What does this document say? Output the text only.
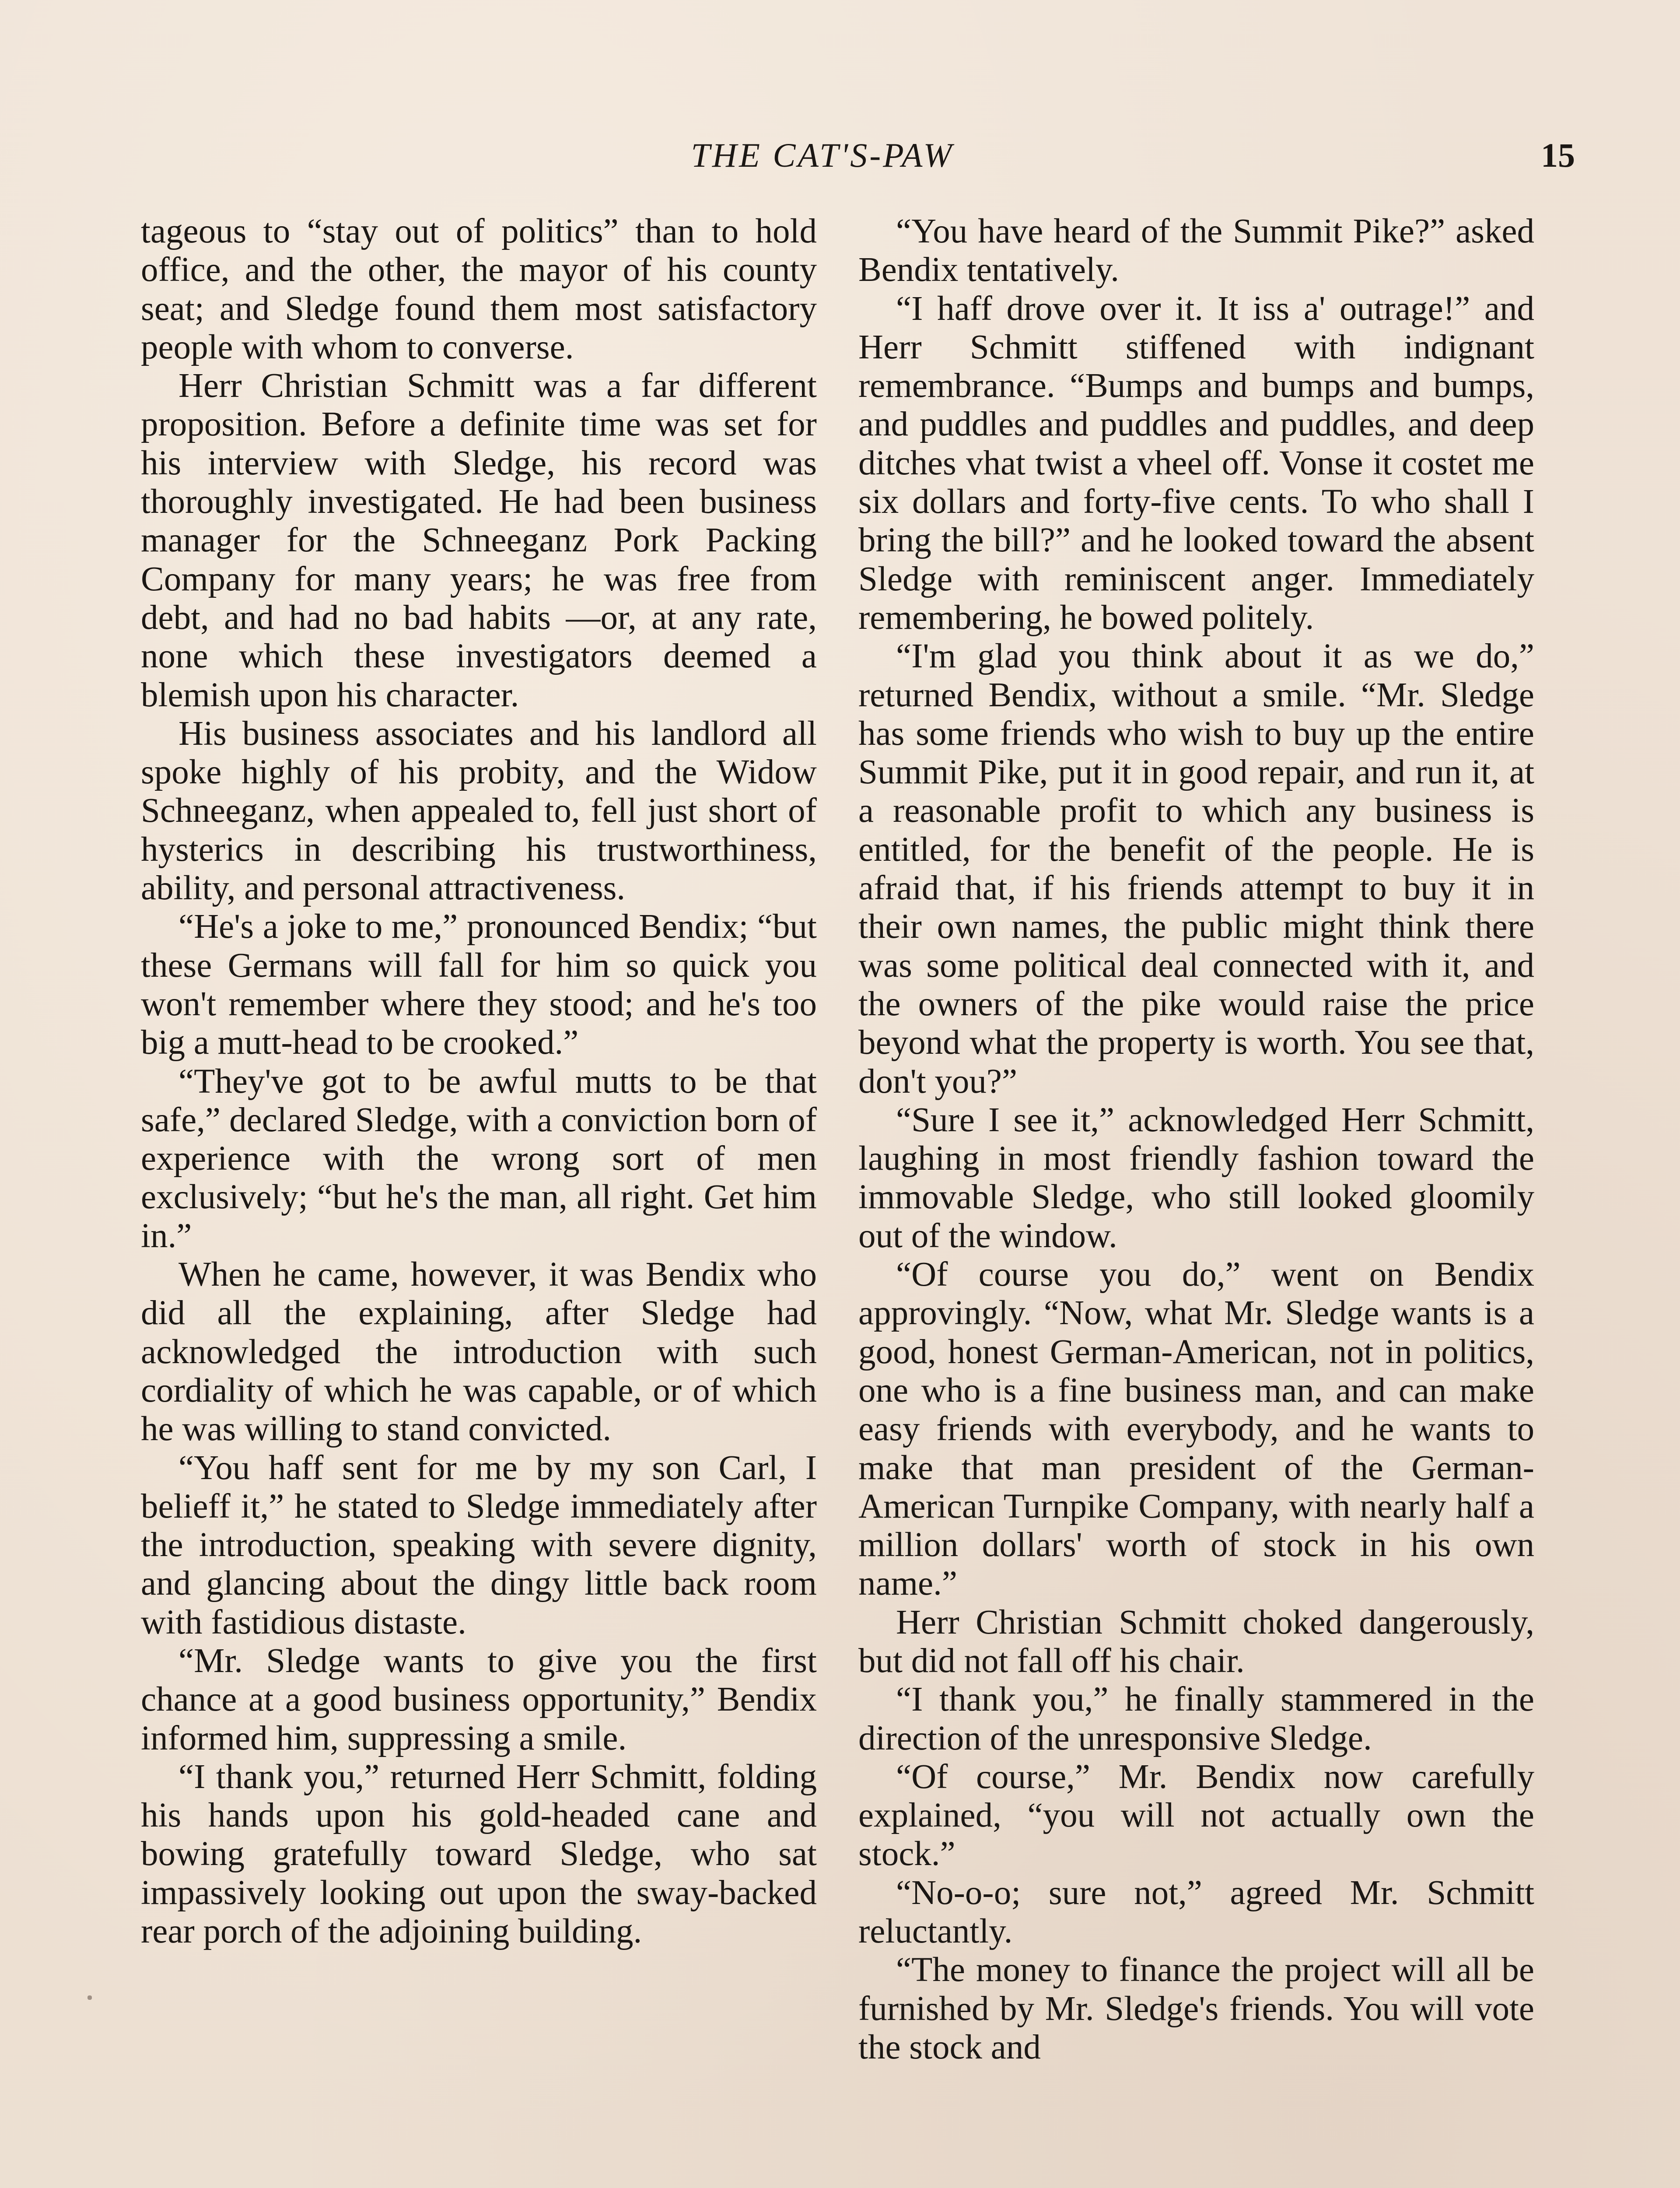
THE CAT'S-PAW	15

tageous to “stay out of politics” than to hold office, and the other, the mayor of his county seat; and Sledge found them most satisfactory people with whom to converse.

Herr Christian Schmitt was a far different proposition. Before a definite time was set for his interview with Sledge, his record was thoroughly investigated. He had been business manager for the Schneeganz Pork Packing Company for many years; he was free from debt, and had no bad habits —or, at any rate, none which these investigators deemed a blemish upon his character.

His business associates and his landlord all spoke highly of his probity, and the Widow Schneeganz, when appealed to, fell just short of hysterics in describing his trustworthiness, ability, and personal attractiveness.

“He's a joke to me,” pronounced Bendix; “but these Germans will fall for him so quick you won't remember where they stood; and he's too big a mutt-head to be crooked.”

“They've got to be awful mutts to be that safe,” declared Sledge, with a conviction born of experience with the wrong sort of men exclusively; “but he's the man, all right. Get him in.”

When he came, however, it was Bendix who did all the explaining, after Sledge had acknowledged the introduction with such cordiality of which he was capable, or of which he was willing to stand convicted.

“You haff sent for me by my son Carl, I belieff it,” he stated to Sledge immediately after the introduction, speaking with severe dignity, and glancing about the dingy little back room with fastidious distaste.

“Mr. Sledge wants to give you the first chance at a good business opportunity,” Bendix informed him, suppressing a smile.

“I thank you,” returned Herr Schmitt, folding his hands upon his gold-headed cane and bowing gratefully toward Sledge, who sat impassively looking out upon the sway-backed rear porch of the adjoining building.

“You have heard of the Summit Pike?” asked Bendix tentatively.

“I haff drove over it. It iss a' outrage!” and Herr Schmitt stiffened with indignant remembrance. “Bumps and bumps and bumps, and puddles and puddles and puddles, and deep ditches vhat twist a vheel off. Vonse it costet me six dollars and forty-five cents. To who shall I bring the bill?” and he looked toward the absent Sledge with reminiscent anger. Immediately remembering, he bowed politely.

“I'm glad you think about it as we do,” returned Bendix, without a smile. “Mr. Sledge has some friends who wish to buy up the entire Summit Pike, put it in good repair, and run it, at a reasonable profit to which any business is entitled, for the benefit of the people. He is afraid that, if his friends attempt to buy it in their own names, the public might think there was some political deal connected with it, and the owners of the pike would raise the price beyond what the property is worth. You see that, don't you?”

“Sure I see it,” acknowledged Herr Schmitt, laughing in most friendly fashion toward the immovable Sledge, who still looked gloomily out of the window.

“Of course you do,” went on Bendix approvingly. “Now, what Mr. Sledge wants is a good, honest German-American, not in politics, one who is a fine business man, and can make easy friends with everybody, and he wants to make that man president of the German-American Turnpike Company, with nearly half a million dollars' worth of stock in his own name.”

Herr Christian Schmitt choked dangerously, but did not fall off his chair.

“I thank you,” he finally stammered in the direction of the unresponsive Sledge.

“Of course,” Mr. Bendix now carefully explained, “you will not actually own the stock.”

“No-o-o; sure not,” agreed Mr. Schmitt reluctantly.

“The money to finance the project will all be furnished by Mr. Sledge's friends. You will vote the stock and
